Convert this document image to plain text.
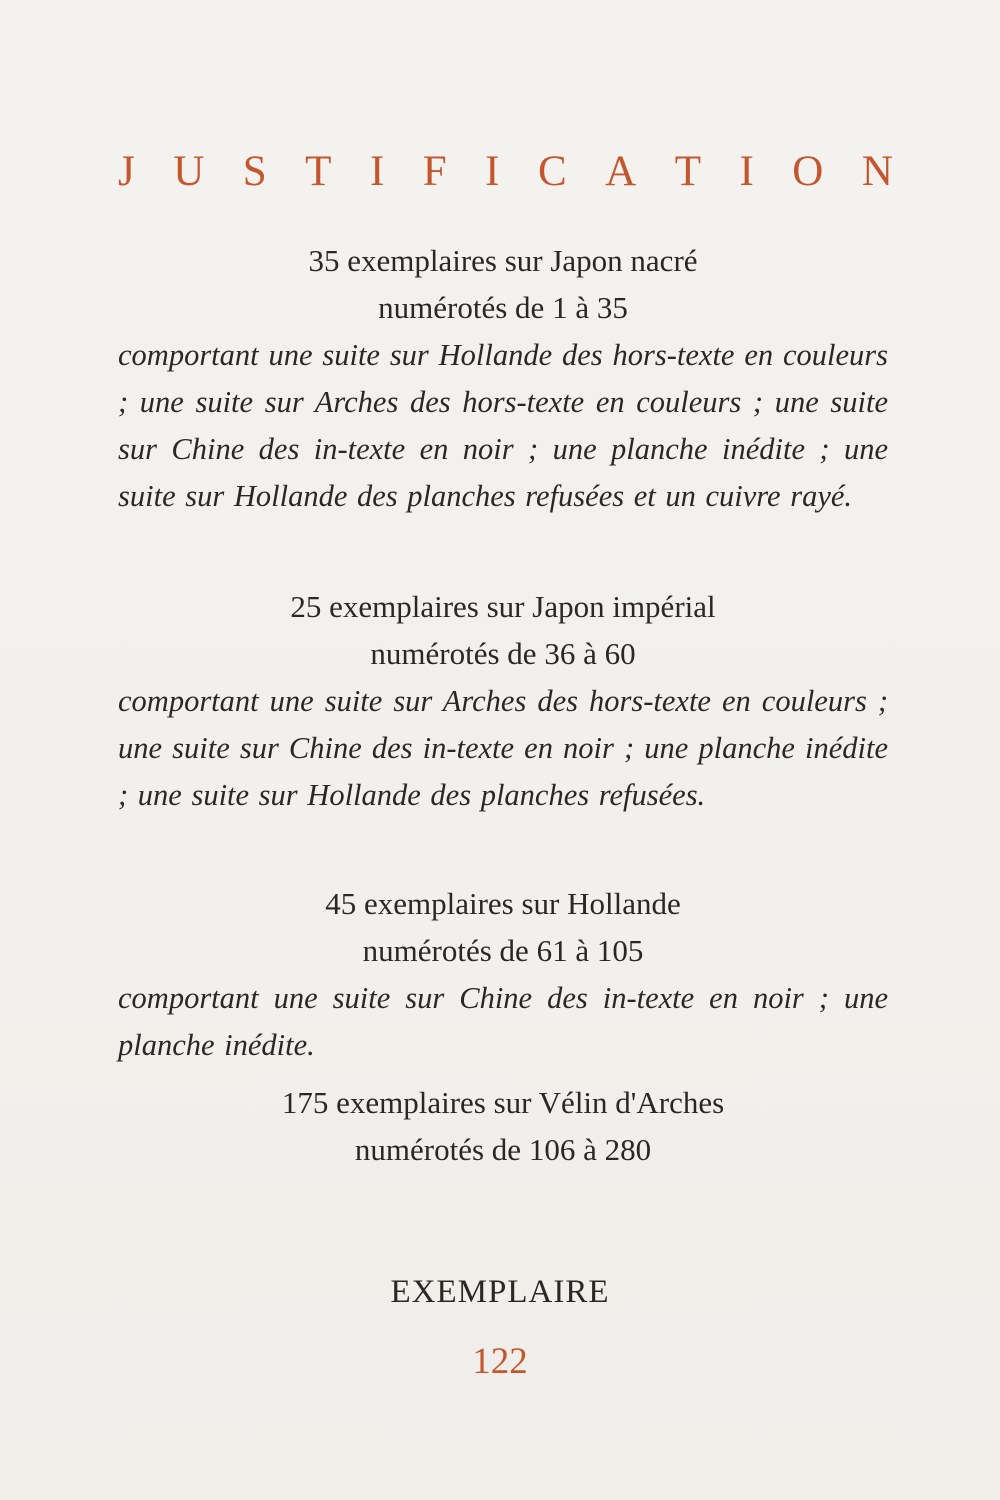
J U S T I F I C A T I O N
35 exemplaires sur Japon nacré
numérotés de 1 à 35
comportant une suite sur Hollande des hors-texte en couleurs ; une suite sur Arches des hors-texte en couleurs ; une suite sur Chine des in-texte en noir ; une planche inédite ; une suite sur Hollande des planches refusées et un cuivre rayé.
25 exemplaires sur Japon impérial
numérotés de 36 à 60
comportant une suite sur Arches des hors-texte en couleurs ; une suite sur Chine des in-texte en noir ; une planche inédite ; une suite sur Hollande des planches refusées.
45 exemplaires sur Hollande
numérotés de 61 à 105
comportant une suite sur Chine des in-texte en noir ; une planche inédite.
175 exemplaires sur Vélin d'Arches
numérotés de 106 à 280
EXEMPLAIRE
122
